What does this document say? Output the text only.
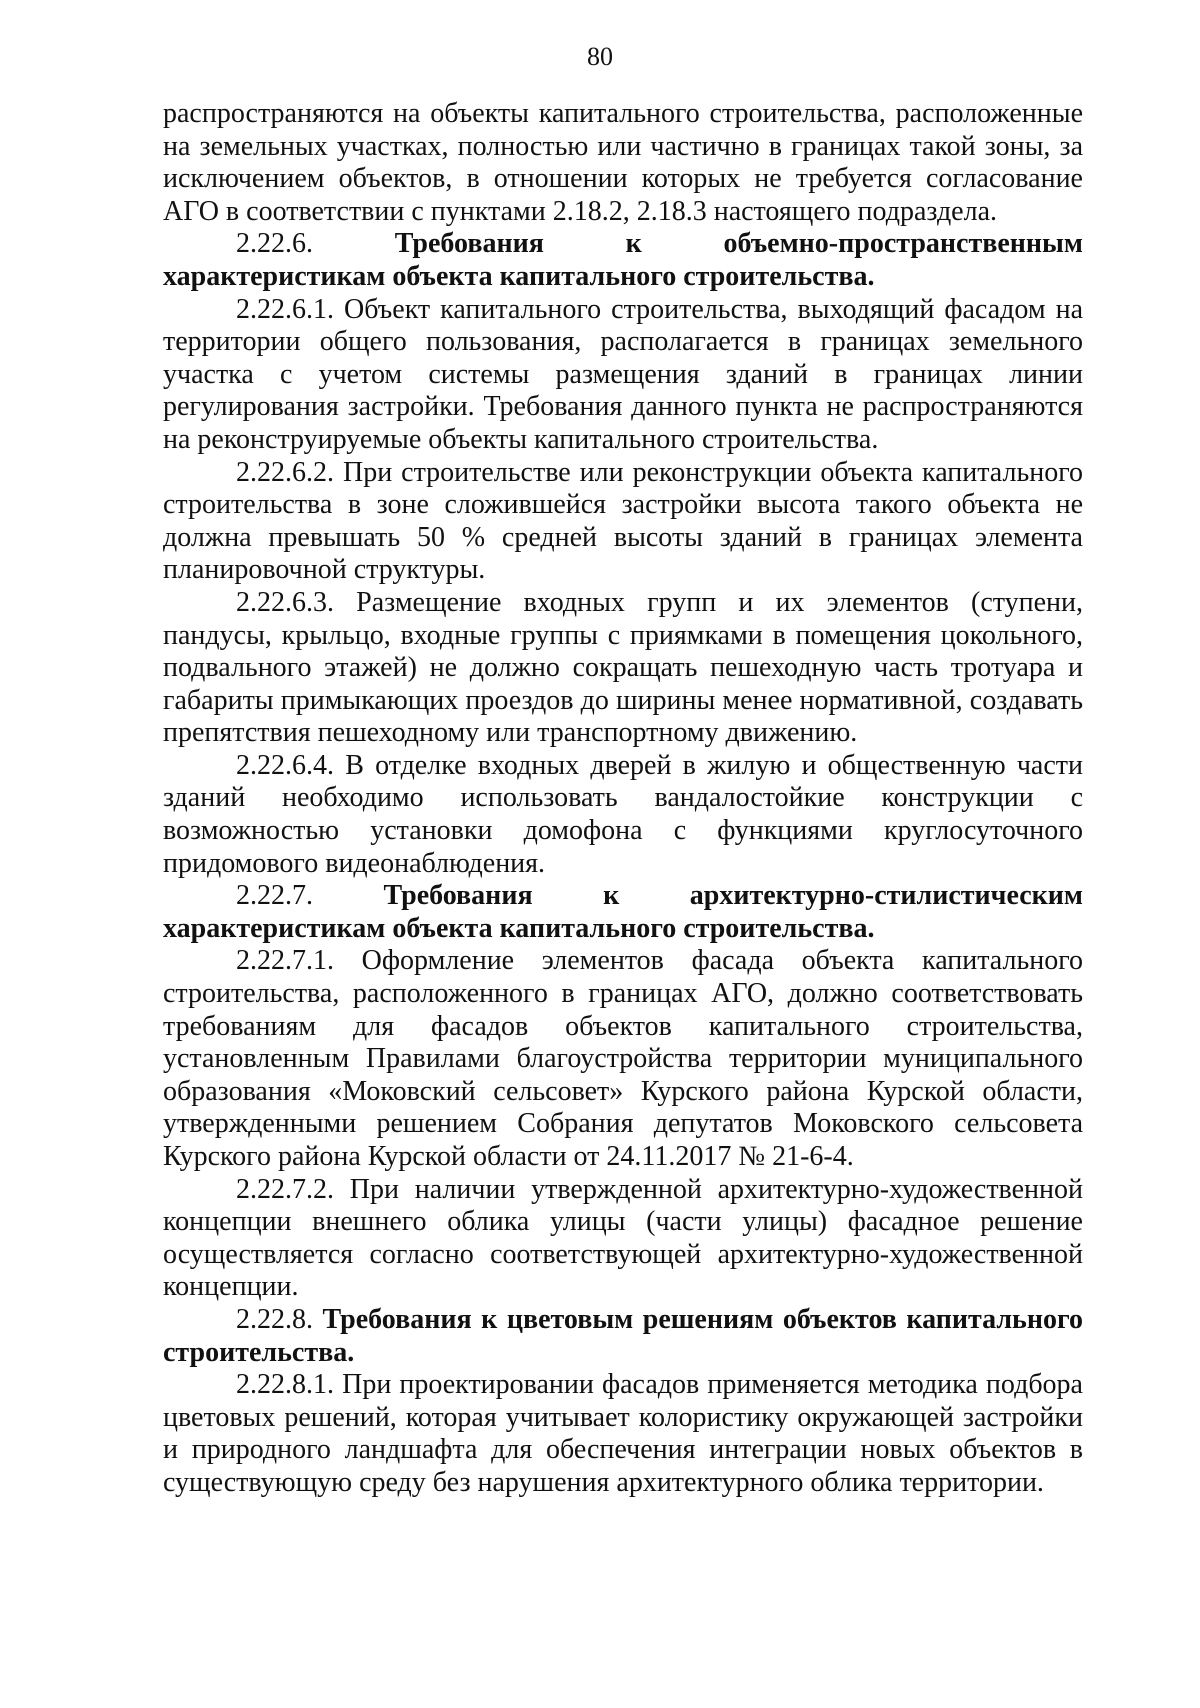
80

распространяются на объекты капитального строительства, расположенные на земельных участках, полностью или частично в границах такой зоны, за исключением объектов, в отношении которых не требуется согласование АГО в соответствии с пунктами 2.18.2, 2.18.3 настоящего подраздела.

2.22.6.	Требования к объемно-пространственным характеристикам объекта капитального строительства.

2.22.6.1. Объект капитального строительства, выходящий фасадом на территории общего пользования, располагается в границах земельного участка с учетом системы размещения зданий в границах линии регулирования застройки. Требования данного пункта не распространяются на реконструируемые объекты капитального строительства.

2.22.6.2. При строительстве или реконструкции объекта капитального строительства в зоне сложившейся застройки высота такого объекта не должна превышать 50 % средней высоты зданий в границах элемента планировочной структуры.

2.22.6.3. Размещение входных групп и их элементов (ступени, пандусы, крыльцо, входные группы с приямками в помещения цокольного, подвального этажей) не должно сокращать пешеходную часть тротуара и габариты примыкающих проездов до ширины менее нормативной, создавать препятствия пешеходному или транспортному движению.

2.22.6.4. В отделке входных дверей в жилую и общественную части зданий необходимо использовать вандалостойкие конструкции с возможностью установки домофона с функциями круглосуточного придомового видеонаблюдения.

2.22.7.	Требования к архитектурно-стилистическим характеристикам объекта капитального строительства.

2.22.7.1. Оформление элементов фасада объекта капитального строительства, расположенного в границах АГО, должно соответствовать требованиям для фасадов объектов капитального строительства, установленным Правилами благоустройства территории муниципального образования «Моковский сельсовет» Курского района Курской области, утвержденными решением Собрания депутатов Моковского сельсовета Курского района Курской области от 24.11.2017 № 21-6-4.

2.22.7.2. При наличии утвержденной архитектурно-художественной концепции внешнего облика улицы (части улицы) фасадное решение осуществляется согласно соответствующей архитектурно-художественной концепции.

2.22.8. Требования к цветовым решениям объектов капитального строительства.

2.22.8.1. При проектировании фасадов применяется методика подбора цветовых решений, которая учитывает колористику окружающей застройки и природного ландшафта для обеспечения интеграции новых объектов в существующую среду без нарушения архитектурного облика территории.
